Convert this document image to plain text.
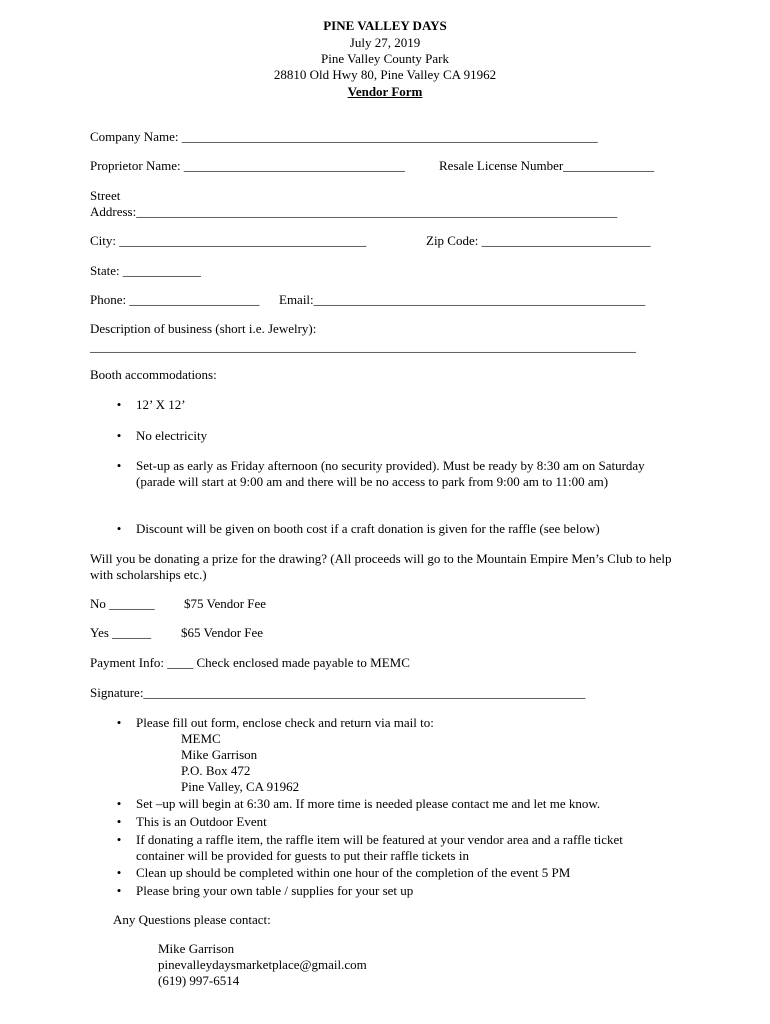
PINE VALLEY DAYS
July 27, 2019
Pine Valley County Park
28810 Old Hwy 80, Pine Valley CA 91962
Vendor Form
Company Name: ________________________________________________________________
Proprietor Name: __________________________________	Resale License Number______________
Street
Address:__________________________________________________________________________
City: ______________________________________	Zip Code: __________________________
State: ____________
Phone: ____________________ Email:___________________________________________________
Description of business (short i.e. Jewelry):
____________________________________________________________________________________
Booth accommodations:
• 12’ X 12’
• No electricity
• Set-up as early as Friday afternoon (no security provided). Must be ready by 8:30 am on Saturday (parade will start at 9:00 am and there will be no access to park from 9:00 am to 11:00 am)
• Discount will be given on booth cost if a craft donation is given for the raffle (see below)
Will you be donating a prize for the drawing? (All proceeds will go to the Mountain Empire Men’s Club to help with scholarships etc.)
No _______ $75 Vendor Fee
Yes ______ $65 Vendor Fee
Payment Info: ____ Check enclosed made payable to MEMC
Signature:____________________________________________________________________
• Please fill out form, enclose check and return via mail to:
MEMC
Mike Garrison
P.O. Box 472
Pine Valley, CA 91962
• Set –up will begin at 6:30 am. If more time is needed please contact me and let me know.
• This is an Outdoor Event
• If donating a raffle item, the raffle item will be featured at your vendor area and a raffle ticket container will be provided for guests to put their raffle tickets in
• Clean up should be completed within one hour of the completion of the event 5 PM
• Please bring your own table / supplies for your set up
Any Questions please contact:
Mike Garrison
pinevalleydaysmarketplace@gmail.com
(619) 997-6514
